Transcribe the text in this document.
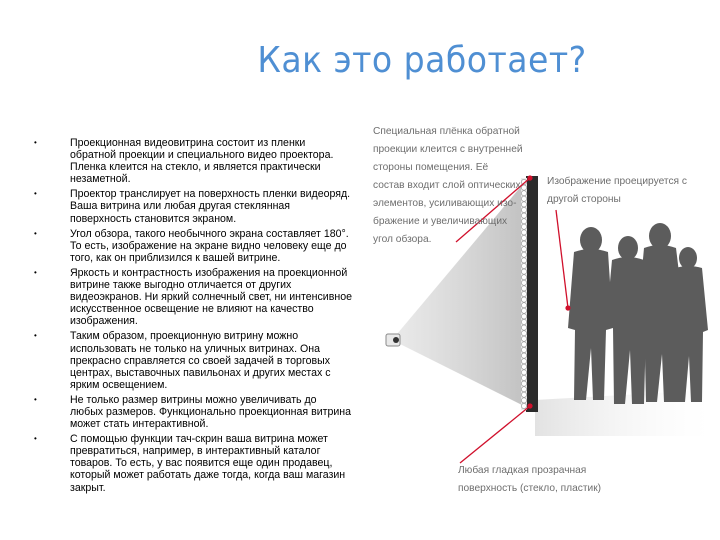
Как это работает?
•	Проекционная видеовитрина состоит из пленки обратной проекции и специального видео проектора. Пленка клеится на стекло, и является практически незаметной.
•	Проектор транслирует на поверхность пленки видеоряд. Ваша витрина или любая другая стеклянная поверхность становится экраном.
•	Угол обзора, такого необычного экрана составляет 180°. То есть, изображение на экране видно человеку еще до того, как он приблизился к вашей витрине.
•	Яркость и контрастность изображения на проекционной витрине также выгодно отличается от других видеоэкранов. Ни яркий солнечный свет, ни интенсивное искусственное освещение не влияют на качество изображения.
•	Таким образом, проекционную витрину можно использовать не только на уличных витринах. Она прекрасно справляется со своей задачей в торговых центрах, выставочных павильонах и других местах с ярким освещением.
•	Не только размер витрины можно увеличивать до любых размеров. Функционально проекционная витрина может стать интерактивной.
•	С помощью функции тач-скрин ваша витрина может превратиться, например, в интерактивный каталог товаров. То есть, у вас появится еще один продавец, который может работать даже тогда, когда ваш магазин закрыт.
Специальная плёнка обратной
проекции клеится с внутренней
стороны помещения. Её
состав входит слой оптических
элементов, усиливающих изо-
бражение и увеличивающих
угол обзора.
Изображение проецируется с
другой стороны
Любая гладкая прозрачная
поверхность (стекло, пластик)
